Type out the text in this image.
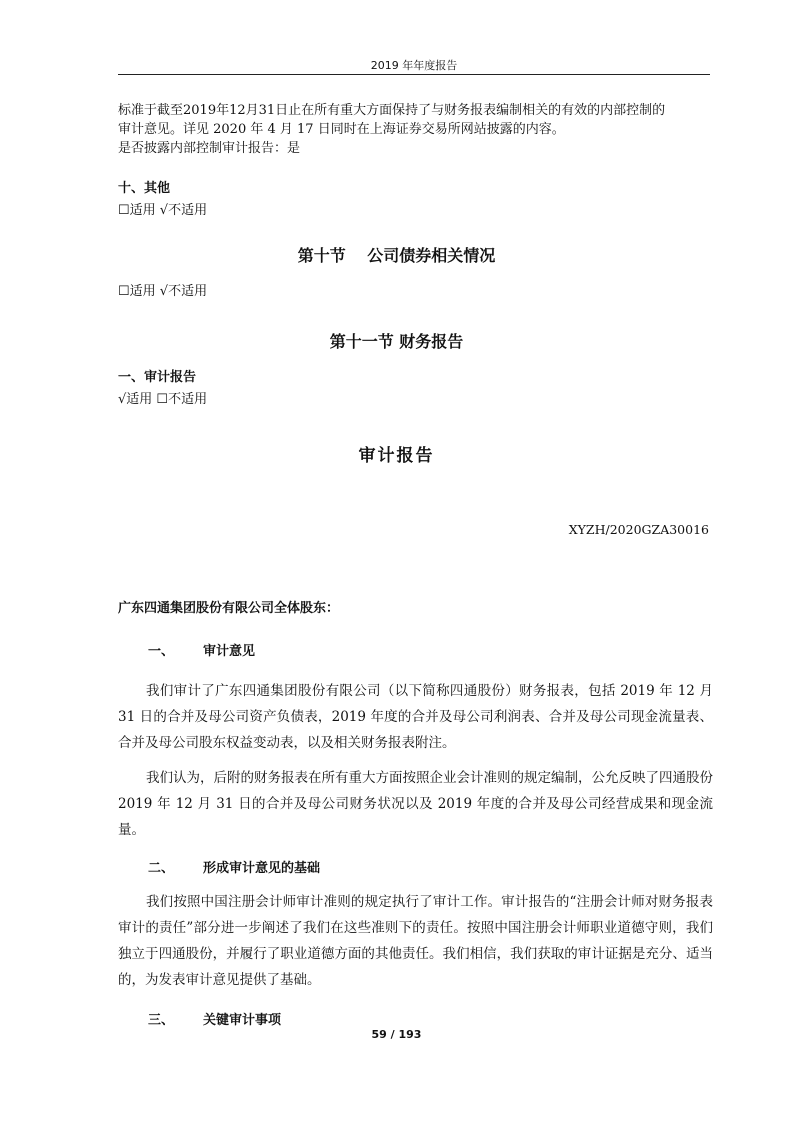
2019 年年度报告

标准于截至2019年12月31日止在所有重大方面保持了与财务报表编制相关的有效的内部控制的

审计意见。详见 2020 年 4 月 17 日同时在上海证券交易所网站披露的内容。

是否披露内部控制审计报告：是

十、其他

☐适用 √不适用

第十节　 公司债券相关情况

☐适用 √不适用

第十一节 财务报告

一、审计报告

√适用 ☐不适用

审计报告

XYZH/2020GZA30016

广东四通集团股份有限公司全体股东：

一、 审计意见

我们审计了广东四通集团股份有限公司（以下简称四通股份）财务报表，包括 2019 年 12 月 31 日的合并及母公司资产负债表，2019 年度的合并及母公司利润表、合并及母公司现金流量表、合并及母公司股东权益变动表，以及相关财务报表附注。

我们认为，后附的财务报表在所有重大方面按照企业会计准则的规定编制，公允反映了四通股份 2019 年 12 月 31 日的合并及母公司财务状况以及 2019 年度的合并及母公司经营成果和现金流量。

二、 形成审计意见的基础

我们按照中国注册会计师审计准则的规定执行了审计工作。审计报告的“注册会计师对财务报表审计的责任”部分进一步阐述了我们在这些准则下的责任。按照中国注册会计师职业道德守则，我们独立于四通股份，并履行了职业道德方面的其他责任。我们相信，我们获取的审计证据是充分、适当的，为发表审计意见提供了基础。

三、 关键审计事项

59 / 193
